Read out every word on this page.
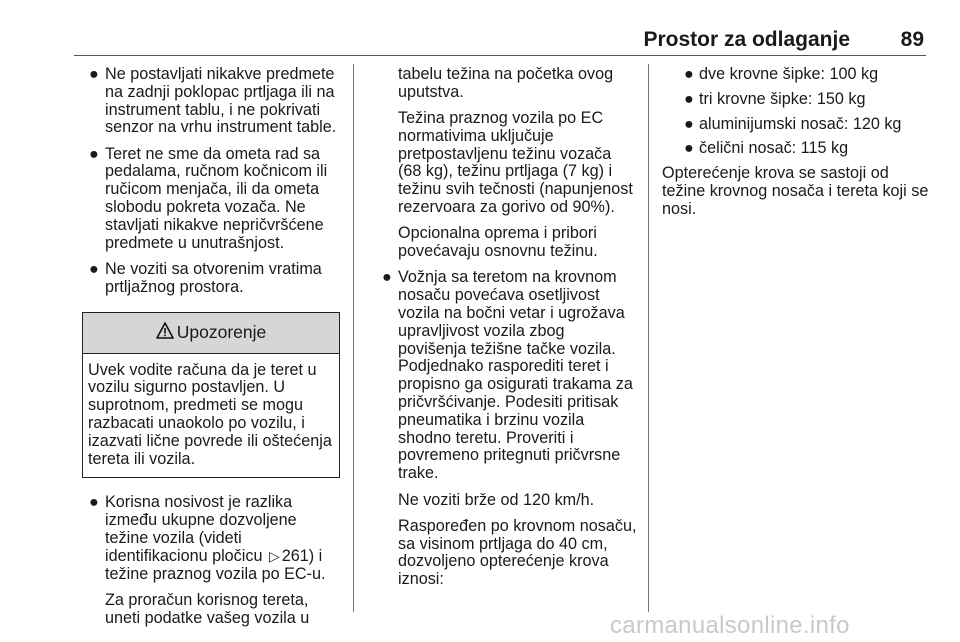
Prostor za odlaganje	89
● Ne postavljati nikakve predmete na zadnji poklopac prtljaga ili na instrument tablu, i ne pokrivati senzor na vrhu instrument table.
● Teret ne sme da ometa rad sa pedalama, ručnom kočnicom ili ručicom menjača, ili da ometa slobodu pokreta vozača. Ne stavljati nikakve nepričvršćene predmete u unutrašnjost.
● Ne voziti sa otvorenim vratima prtljažnog prostora.
Upozorenje
Uvek vodite računa da je teret u vozilu sigurno postavljen. U suprotnom, predmeti se mogu razbacati unaokolo po vozilu, i izazvati lične povrede ili oštećenja tereta ili vozila.
● Korisna nosivost je razlika između ukupne dozvoljene težine vozila (videti identifikacionu pločicu ▷ 261) i težine praznog vozila po EC-u.
Za proračun korisnog tereta, uneti podatke vašeg vozila u
tabelu težina na početka ovog uputstva.
Težina praznog vozila po EC normativima uključuje pretpostavljenu težinu vozača (68 kg), težinu prtljaga (7 kg) i težinu svih tečnosti (napunjenost rezervoara za gorivo od 90%).
Opcionalna oprema i pribori povećavaju osnovnu težinu.
● Vožnja sa teretom na krovnom nosaču povećava osetljivost vozila na bočni vetar i ugrožava upravljivost vozila zbog povišenja težišne tačke vozila. Podjednako rasporediti teret i propisno ga osigurati trakama za pričvršćivanje. Podesiti pritisak pneumatika i brzinu vozila shodno teretu. Proveriti i povremeno pritegnuti pričvrsne trake.
Ne voziti brže od 120 km/h.
Raspoređen po krovnom nosaču, sa visinom prtljaga do 40 cm, dozvoljeno opterećenje krova iznosi:
● dve krovne šipke: 100 kg
● tri krovne šipke: 150 kg
● aluminijumski nosač: 120 kg
● čelični nosač: 115 kg
Opterećenje krova se sastoji od težine krovnog nosača i tereta koji se nosi.
carmanualsonline.info
